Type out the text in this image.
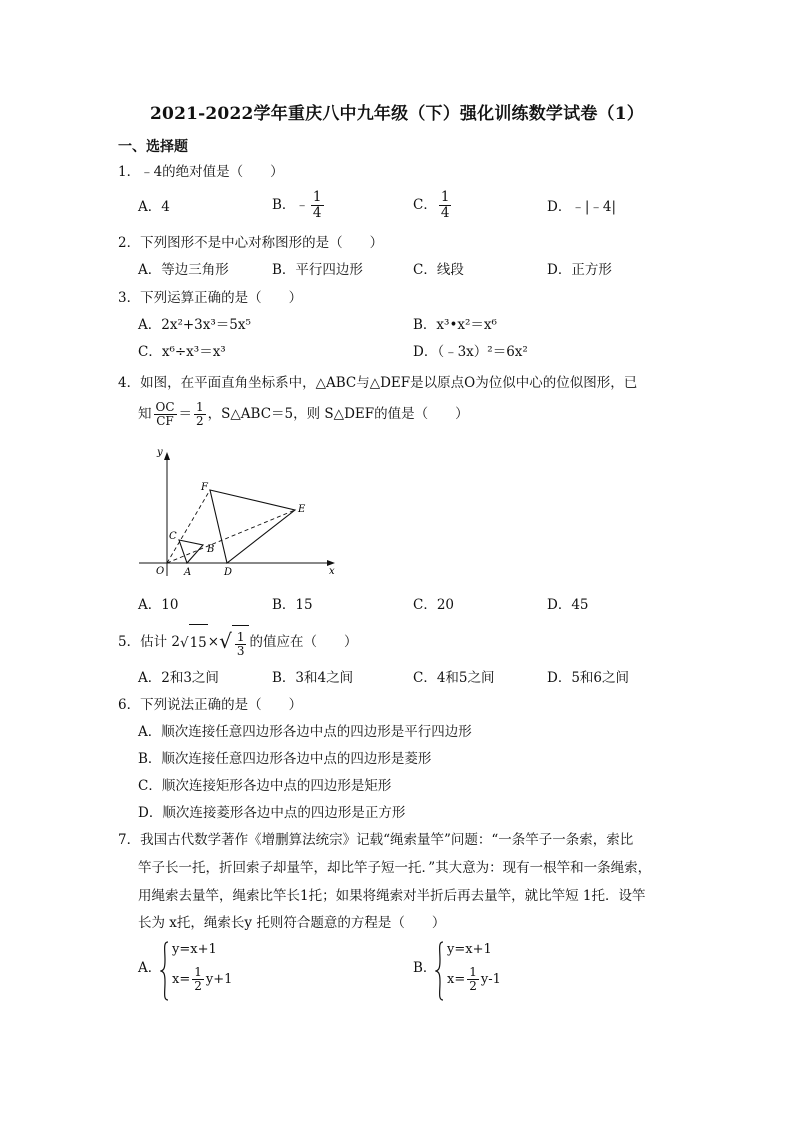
2021-2022学年重庆八中九年级（下）强化训练数学试卷（1）
一、选择题
1．﹣4的绝对值是（　　）
A．4	B．﹣ $\frac{1}{4}$	C． $\frac{1}{4}$	D．﹣|﹣4|
2．下列图形不是中心对称图形的是（　　）
A．等边三角形	B．平行四边形	C．线段	D．正方形
3．下列运算正确的是（　　）
A．2x²+3x³＝5x⁵	B．x³•x²＝x⁶
C．x⁶÷x³＝x³	D．（﹣3x）²＝6x²
4．如图，在平面直角坐标系中，△ABC与△DEF是以原点O为位似中心的位似图形，已
知 $\frac{OC}{CF} = \frac{1}{2}$ ，S△ABC＝5，则 S△DEF的值是（　　）
y
x
O A
B
C
D
E
F
A．10	B．15	C．20	D．45
5．估计 $2√15\times√ \frac{1}{3}$ 的值应在（　　）
A．2和3之间	B．3和4之间	C．4和5之间	D．5和6之间
6．下列说法正确的是（　　）
A．顺次连接任意四边形各边中点的四边形是平行四边形
B．顺次连接任意四边形各边中点的四边形是菱形
C．顺次连接矩形各边中点的四边形是矩形
D．顺次连接菱形各边中点的四边形是正方形
7．我国古代数学著作《增删算法统宗》记载“绳索量竿”问题：“一条竿子一条索，索比
竿子长一托，折回索子却量竿，却比竿子短一托．”其大意为：现有一根竿和一条绳索，
用绳索去量竿，绳索比竿长1托；如果将绳索对半折后再去量竿，就比竿短 1托．设竿
长为 x托，绳索长y 托则符合题意的方程是（　　）
A．
y=x+1
$x= \frac{1}{2} y+1$
B．
y=x+1
$x= \frac{1}{2} y-1$
